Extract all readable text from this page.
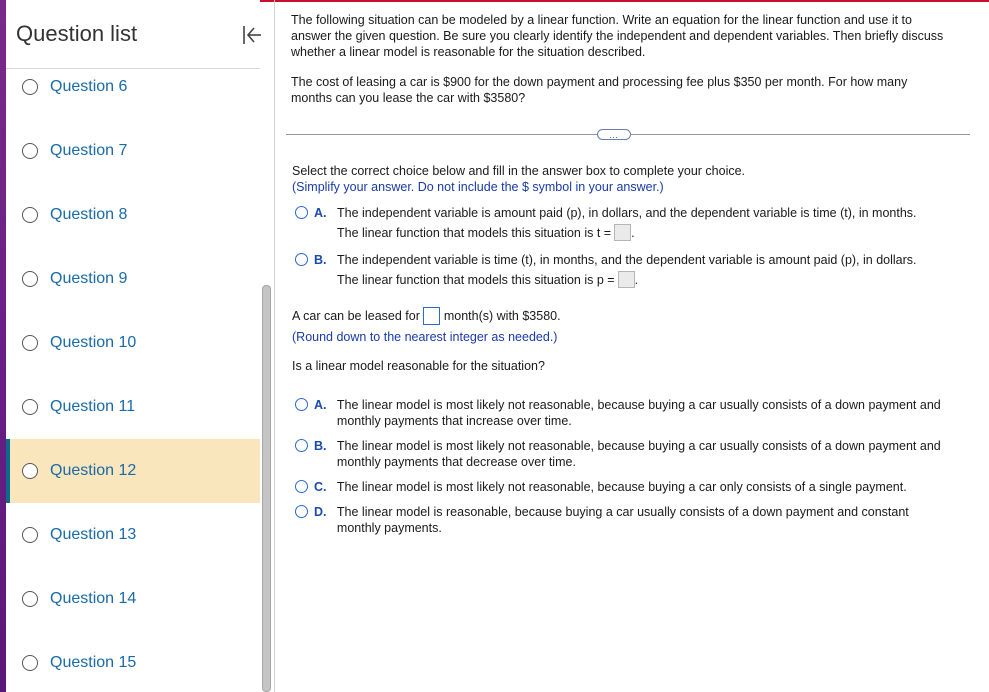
Question list
Question 6
Question 7
Question 8
Question 9
Question 10
Question 11
Question 12
Question 13
Question 14
Question 15
The following situation can be modeled by a linear function. Write an equation for the linear function and use it to answer the given question. Be sure you clearly identify the independent and dependent variables. Then briefly discuss whether a linear model is reasonable for the situation described.
The cost of leasing a car is $900 for the down payment and processing fee plus $350 per month. For how many months can you lease the car with $3580?
…
Select the correct choice below and fill in the answer box to complete your choice.
(Simplify your answer. Do not include the $ symbol in your answer.)
A. The independent variable is amount paid (p), in dollars, and the dependent variable is time (t), in months.
The linear function that models this situation is t = .
B. The independent variable is time (t), in months, and the dependent variable is amount paid (p), in dollars.
The linear function that models this situation is p = .
A car can be leased for month(s) with $3580.
(Round down to the nearest integer as needed.)
Is a linear model reasonable for the situation?
A. The linear model is most likely not reasonable, because buying a car usually consists of a down payment and monthly payments that increase over time.
B. The linear model is most likely not reasonable, because buying a car usually consists of a down payment and monthly payments that decrease over time.
C. The linear model is most likely not reasonable, because buying a car only consists of a single payment.
D. The linear model is reasonable, because buying a car usually consists of a down payment and constant monthly payments.
